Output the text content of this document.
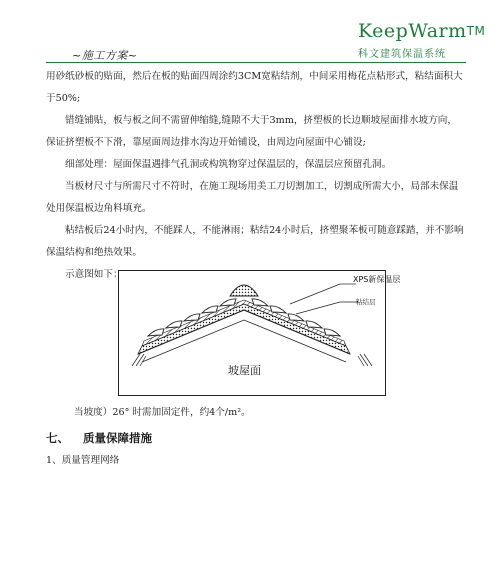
~施工方案~
KeepWarm™
科文建筑保温系统

用砂纸砂板的贴面，然后在板的贴面四周涂约3CM宽粘结剂，中间采用梅花点粘形式，粘结面积大于50%;

错缝铺贴，板与板之间不需留伸缩缝,缝隙不大于3mm，挤塑板的长边顺坡屋面排水坡方向，保证挤塑板不下滑，靠屋面周边排水沟边开始铺设，由周边向屋面中心铺设;

细部处理：屋面保温遇排气孔洞或构筑物穿过保温层的，保温层应预留孔洞。

当板材尺寸与所需尺寸不符时，在施工现场用美工刀切割加工，切割成所需大小，局部未保温处用保温板边角料填充。

粘结板后24小时内，不能踩人，不能淋雨；粘结24小时后，挤塑聚苯板可随意踩踏，并不影响保温结构和绝热效果。

示意图如下：	XPS新保温层
粘结层
坡屋面
当坡度）26° 时需加固定件，约4个/m²。
七、 质量保障措施
1、质量管理网络
